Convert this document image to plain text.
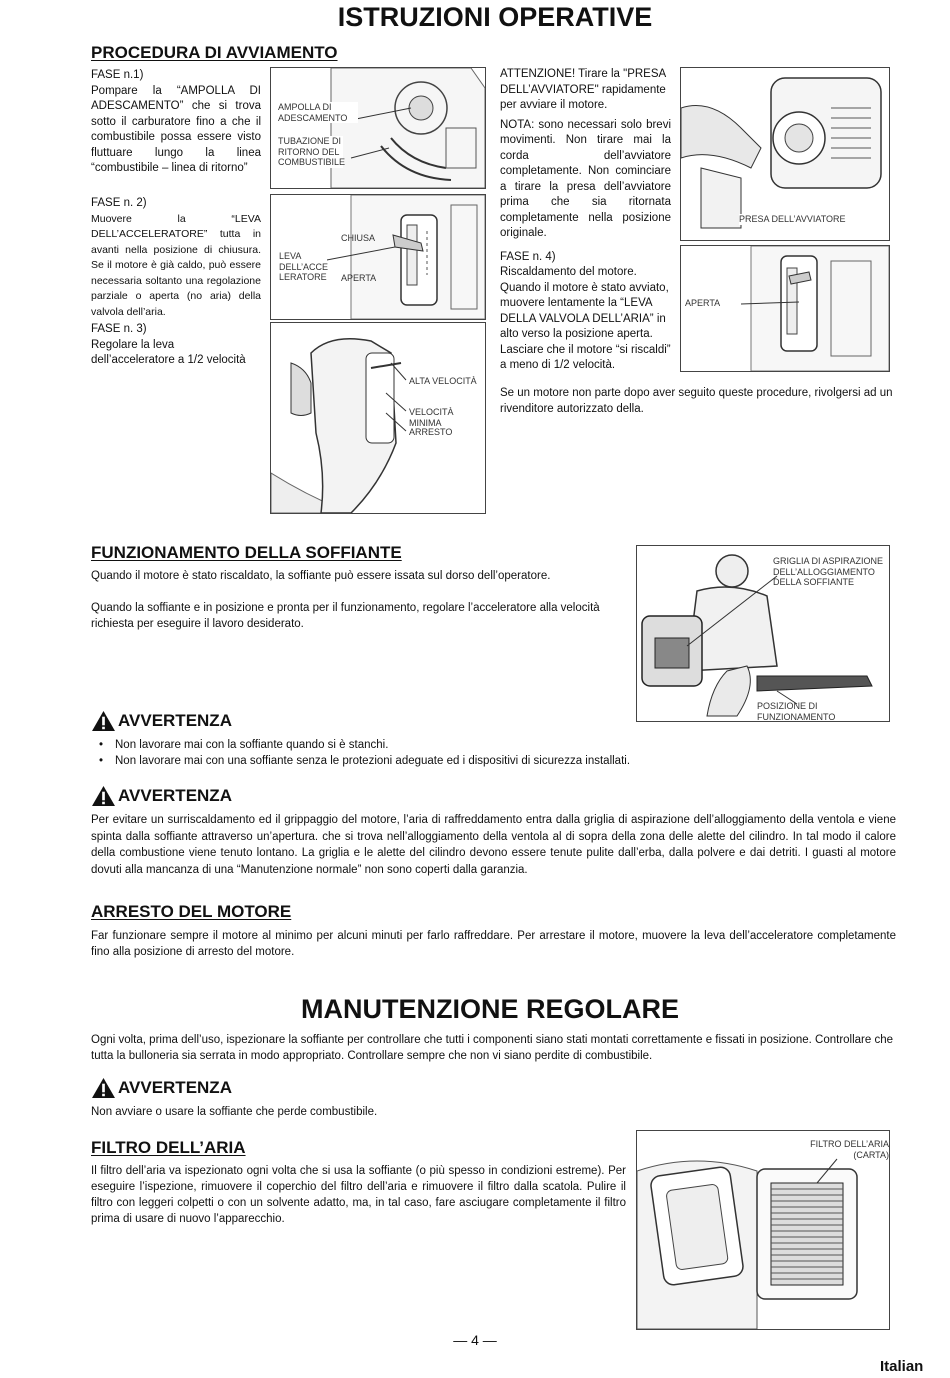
ISTRUZIONI OPERATIVE
PROCEDURA DI AVVIAMENTO
FASE n.1)
Pompare la “AMPOLLA DI ADESCAMENTO” che si trova sotto il carburatore fino a che il combustibile possa essere visto fluttuare lungo la linea “combustibile – linea di ritorno”
FASE n. 2)
Muovere la “LEVA DELL’ACCELERATORE” tutta in avanti nella posizione di chiusura. Se il motore è già caldo, può essere necessaria soltanto una regolazione parziale o aperta (no aria) della valvola dell’aria.
FASE n. 3)
Regolare la leva dell’acceleratore a 1/2 velocità
AMPOLLA DI ADESCAMENTO
TUBAZIONE DI RITORNO DEL COMBUSTIBILE
CHIUSA
LEVA DELL’ACCE LERATORE APERTA
ALTA VELOCITÀ
VELOCITÀ MINIMA
ARRESTO
ATTENZIONE! Tirare la "PRESA DELL’AVVIATORE" rapidamente per avviare il motore.
NOTA: sono necessari solo brevi movimenti. Non tirare mai la corda dell’avviatore completamente. Non cominciare a tirare la presa dell’avviatore prima che sia ritornata completamente nella posizione originale.
FASE n. 4)
Riscaldamento del motore. Quando il motore è stato avviato, muovere lentamente la “LEVA DELLA VALVOLA DELL’ARIA” in alto verso la posizione aperta. Lasciare che il motore “si riscaldi” a meno di 1/2 velocità.
PRESA DELL’AVVIATORE
APERTA
Se un motore non parte dopo aver seguito queste procedure, rivolgersi ad un rivenditore autorizzato della.
FUNZIONAMENTO DELLA SOFFIANTE
Quando il motore è stato riscaldato, la soffiante può essere issata sul dorso dell’operatore.
Quando la soffiante e in posizione e pronta per il funzionamento, regolare l’acceleratore alla velocità richiesta per eseguire il lavoro desiderato.
GRIGLIA DI ASPIRAZIONE DELL’ALLOGGIAMENTO DELLA SOFFIANTE
POSIZIONE DI FUNZIONAMENTO
AVVERTENZA
• Non lavorare mai con la soffiante quando si è stanchi.
• Non lavorare mai con una soffiante senza le protezioni adeguate ed i dispositivi di sicurezza installati.
AVVERTENZA
Per evitare un surriscaldamento ed il grippaggio del motore, l’aria di raffreddamento entra dalla griglia di aspirazione dell’alloggiamento della ventola e viene spinta dalla soffiante attraverso un’apertura. che si trova nell’alloggiamento della ventola al di sopra della zona delle alette del cilindro. In tal modo il calore della combustione viene tenuto lontano. La griglia e le alette del cilindro devono essere tenute pulite dall’erba, dalla polvere e dai detriti. I guasti al motore dovuti alla mancanza di una “Manutenzione normale” non sono coperti dalla garanzia.
ARRESTO DEL MOTORE
Far funzionare sempre il motore al minimo per alcuni minuti per farlo raffreddare. Per arrestare il motore, muovere la leva dell’acceleratore completamente fino alla posizione di arresto del motore.
MANUTENZIONE REGOLARE
Ogni volta, prima dell’uso, ispezionare la soffiante per controllare che tutti i componenti siano stati montati correttamente e fissati in posizione. Controllare che tutta la bulloneria sia serrata in modo appropriato. Controllare sempre che non vi siano perdite di combustibile.
AVVERTENZA
Non avviare o usare la soffiante che perde combustibile.
FILTRO DELL’ARIA
Il filtro dell’aria va ispezionato ogni volta che si usa la soffiante (o più spesso in condizioni estreme). Per eseguire l’ispezione, rimuovere il coperchio del filtro dell’aria e rimuovere il filtro dalla scatola. Pulire il filtro con leggeri colpetti o con un solvente adatto, ma, in tal caso, fare asciugare completamente il filtro prima di usare di nuovo l’apparecchio.
FILTRO DELL’ARIA (CARTA)
— 4 —
Italian
